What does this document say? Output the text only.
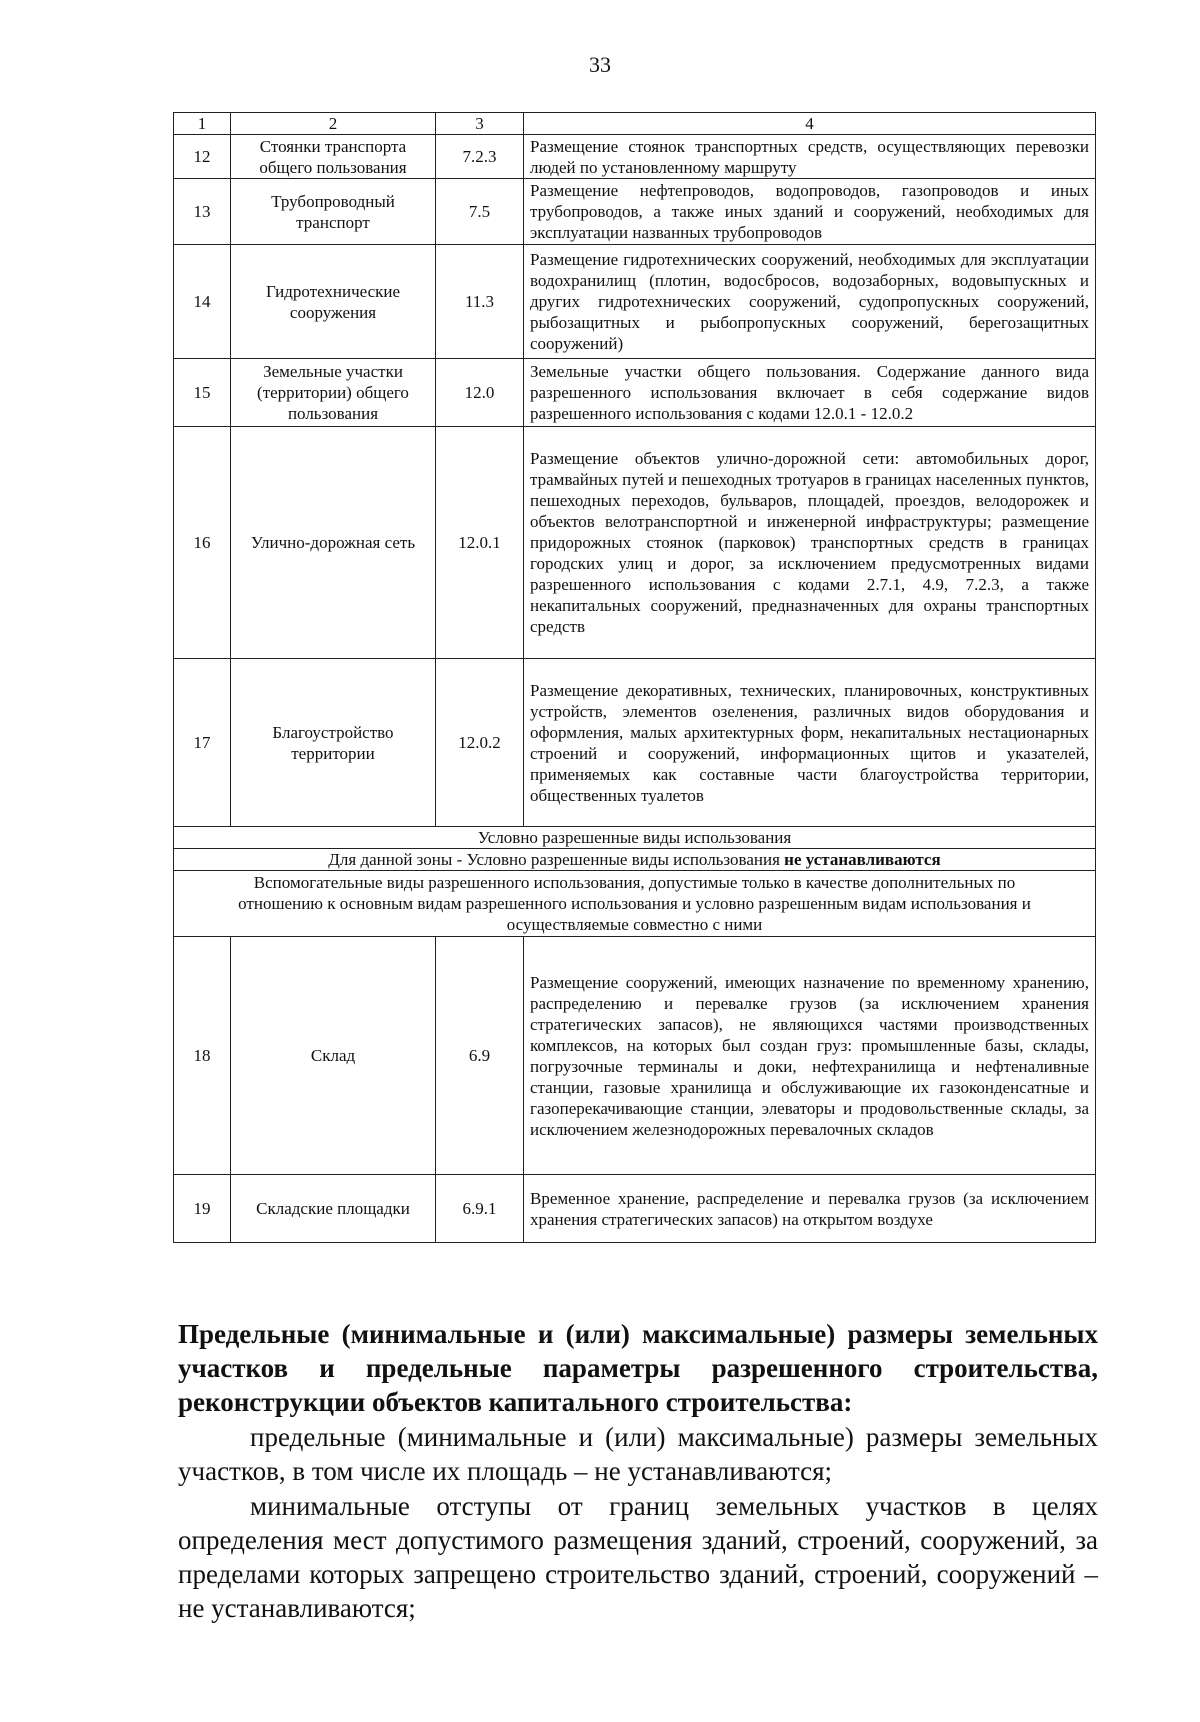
33
1	2	3	4
12	Стоянки транспорта общего пользования	7.2.3	Размещение стоянок транспортных средств, осуществляющих перевозки людей по установленному маршруту
13	Трубопроводный транспорт	7.5	Размещение нефтепроводов, водопроводов, газопроводов и иных трубопроводов, а также иных зданий и сооружений, необходимых для эксплуатации названных трубопроводов
14	Гидротехнические сооружения	11.3	Размещение гидротехнических сооружений, необходимых для эксплуатации водохранилищ (плотин, водосбросов, водозаборных, водовыпускных и других гидротехнических сооружений, судопропускных сооружений, рыбозащитных и рыбопропускных сооружений, берегозащитных сооружений)
15	Земельные участки (территории) общего пользования	12.0	Земельные участки общего пользования. Содержание данного вида разрешенного использования включает в себя содержание видов разрешенного использования с кодами 12.0.1 - 12.0.2
16	Улично-дорожная сеть	12.0.1	Размещение объектов улично-дорожной сети: автомобильных дорог, трамвайных путей и пешеходных тротуаров в границах населенных пунктов, пешеходных переходов, бульваров, площадей, проездов, велодорожек и объектов велотранспортной и инженерной инфраструктуры; размещение придорожных стоянок (парковок) транспортных средств в границах городских улиц и дорог, за исключением предусмотренных видами разрешенного использования с кодами 2.7.1, 4.9, 7.2.3, а также некапитальных сооружений, предназначенных для охраны транспортных средств
17	Благоустройство территории	12.0.2	Размещение декоративных, технических, планировочных, конструктивных устройств, элементов озеленения, различных видов оборудования и оформления, малых архитектурных форм, некапитальных нестационарных строений и сооружений, информационных щитов и указателей, применяемых как составные части благоустройства территории, общественных туалетов
Условно разрешенные виды использования			
Для данной зоны - Условно разрешенные виды использования не устанавливаются			
Вспомогательные виды разрешенного использования, допустимые только в качестве дополнительных по отношению к основным видам разрешенного использования и условно разрешенным видам использования и осуществляемые совместно с ними			
18	Склад	6.9	Размещение сооружений, имеющих назначение по временному хранению, распределению и перевалке грузов (за исключением хранения стратегических запасов), не являющихся частями производственных комплексов, на которых был создан груз: промышленные базы, склады, погрузочные терминалы и доки, нефтехранилища и нефтеналивные станции, газовые хранилища и обслуживающие их газоконденсатные и газоперекачивающие станции, элеваторы и продовольственные склады, за исключением железнодорожных перевалочных складов
19	Складские площадки	6.9.1	Временное хранение, распределение и перевалка грузов (за исключением хранения стратегических запасов) на открытом воздухе

Предельные (минимальные и (или) максимальные) размеры земельных участков и предельные параметры разрешенного строительства, реконструкции объектов капитального строительства:

предельные (минимальные и (или) максимальные) размеры земельных участков, в том числе их площадь – не устанавливаются;

минимальные отступы от границ земельных участков в целях определения мест допустимого размещения зданий, строений, сооружений, за пределами которых запрещено строительство зданий, строений, сооружений – не устанавливаются;
